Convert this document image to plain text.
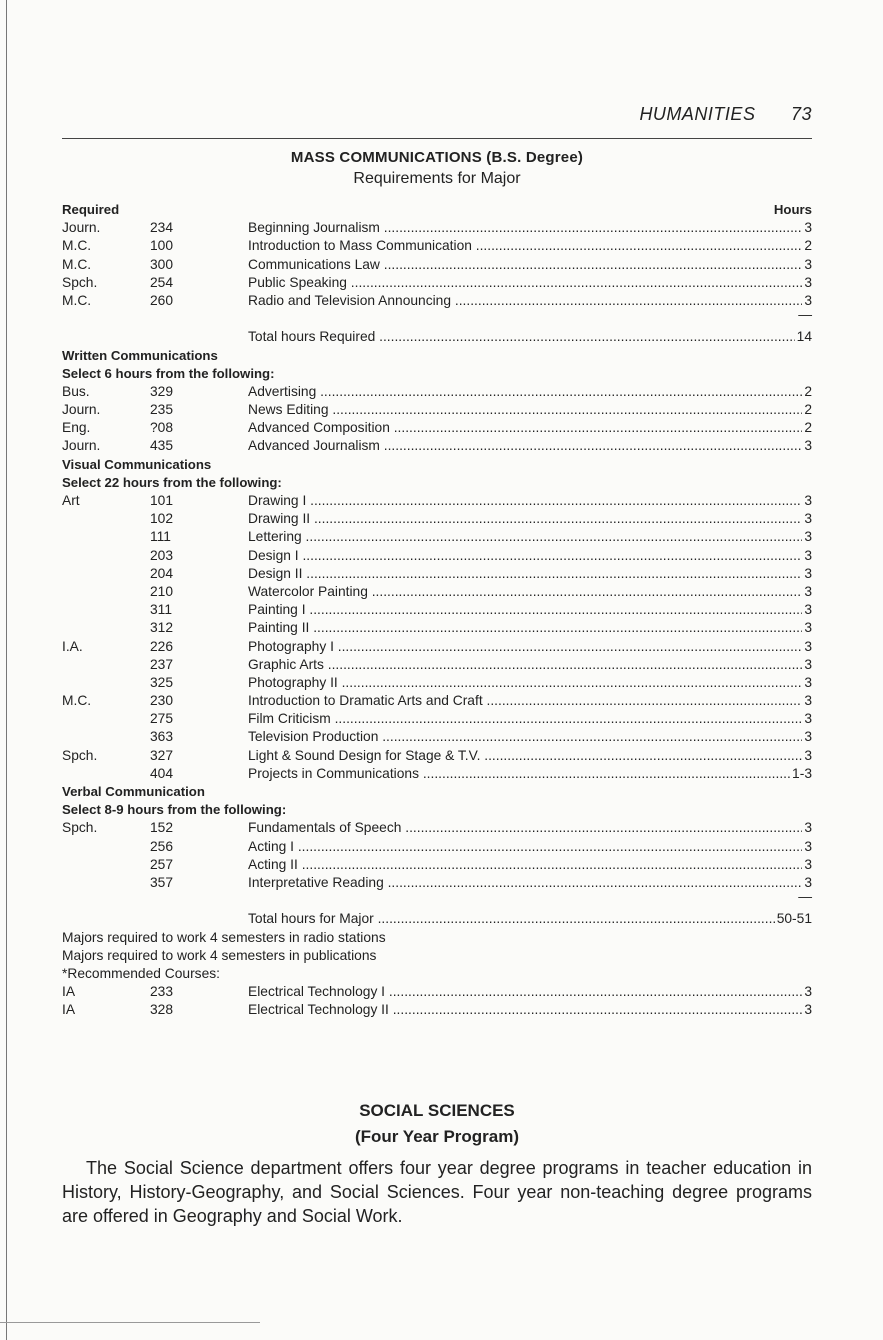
HUMANITIES 73
MASS COMMUNICATIONS (B.S. Degree)
Requirements for Major
Required	Hours
Journ.	234	Beginning Journalism .....	3
M.C.	100	Introduction to Mass Communication .....	2
M.C.	300	Communications Law .....	3
Spch.	254	Public Speaking .....	3
M.C.	260	Radio and Television Announcing .....	3
—
Total hours Required .....	14
Written Communications
Select 6 hours from the following:
Bus.	329	Advertising .....	2
Journ.	235	News Editing .....	2
Eng.	?08	Advanced Composition .....	2
Journ.	435	Advanced Journalism .....	3
Visual Communications
Select 22 hours from the following:
Art	101	Drawing I .....	3
102	Drawing II .....	3
111	Lettering .....	3
203	Design I .....	3
204	Design II .....	3
210	Watercolor Painting .....	3
311	Painting I .....	3
312	Painting II .....	3
I.A.	226	Photography I .....	3
237	Graphic Arts .....	3
325	Photography II .....	3
M.C.	230	Introduction to Dramatic Arts and Craft .....	3
275	Film Criticism .....	3
363	Television Production .....	3
Spch.	327	Light & Sound Design for Stage & T.V. .....	3
404	Projects in Communications .....	1-3
Verbal Communication
Select 8-9 hours from the following:
Spch.	152	Fundamentals of Speech .....	3
256	Acting I .....	3
257	Acting II .....	3
357	Interpretative Reading .....	3
—
Total hours for Major .....	50-51
Majors required to work 4 semesters in radio stations
Majors required to work 4 semesters in publications
*Recommended Courses:
IA	233	Electrical Technology I .....	3
IA	328	Electrical Technology II .....	3
SOCIAL SCIENCES
(Four Year Program)
The Social Science department offers four year degree programs in teacher education in History, History-Geography, and Social Sciences. Four year non-teaching degree programs are offered in Geography and Social Work.
